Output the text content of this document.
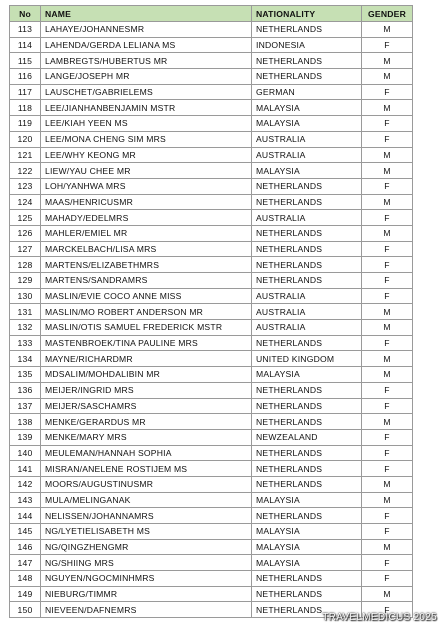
No	NAME	NATIONALITY	GENDER
113	LAHAYE/JOHANNESMR	NETHERLANDS	M
114	LAHENDA/GERDA LELIANA MS	INDONESIA	F
115	LAMBREGTS/HUBERTUS MR	NETHERLANDS	M
116	LANGE/JOSEPH MR	NETHERLANDS	M
117	LAUSCHET/GABRIELEMS	GERMAN	F
118	LEE/JIANHANBENJAMIN MSTR	MALAYSIA	M
119	LEE/KIAH YEEN MS	MALAYSIA	F
120	LEE/MONA CHENG SIM MRS	AUSTRALIA	F
121	LEE/WHY KEONG MR	AUSTRALIA	M
122	LIEW/YAU CHEE MR	MALAYSIA	M
123	LOH/YANHWA MRS	NETHERLANDS	F
124	MAAS/HENRICUSMR	NETHERLANDS	M
125	MAHADY/EDELMRS	AUSTRALIA	F
126	MAHLER/EMIEL MR	NETHERLANDS	M
127	MARCKELBACH/LISA MRS	NETHERLANDS	F
128	MARTENS/ELIZABETHMRS	NETHERLANDS	F
129	MARTENS/SANDRAMRS	NETHERLANDS	F
130	MASLIN/EVIE COCO ANNE MISS	AUSTRALIA	F
131	MASLIN/MO ROBERT ANDERSON MR	AUSTRALIA	M
132	MASLIN/OTIS SAMUEL FREDERICK MSTR	AUSTRALIA	M
133	MASTENBROEK/TINA PAULINE MRS	NETHERLANDS	F
134	MAYNE/RICHARDMR	UNITED KINGDOM	M
135	MDSALIM/MOHDALIBIN MR	MALAYSIA	M
136	MEIJER/INGRID MRS	NETHERLANDS	F
137	MEIJER/SASCHAMRS	NETHERLANDS	F
138	MENKE/GERARDUS MR	NETHERLANDS	M
139	MENKE/MARY MRS	NEWZEALAND	F
140	MEULEMAN/HANNAH SOPHIA	NETHERLANDS	F
141	MISRAN/ANELENE ROSTIJEM MS	NETHERLANDS	F
142	MOORS/AUGUSTINUSMR	NETHERLANDS	M
143	MULA/MELINGANAK	MALAYSIA	M
144	NELISSEN/JOHANNAMRS	NETHERLANDS	F
145	NG/LYETIELISABETH MS	MALAYSIA	F
146	NG/QINGZHENGMR	MALAYSIA	M
147	NG/SHIING MRS	MALAYSIA	F
148	NGUYEN/NGOCMINHMRS	NETHERLANDS	F
149	NIEBURG/TIMMR	NETHERLANDS	M
150	NIEVEEN/DAFNEMRS	NETHERLANDS	F
TRAVELMEDICUS 2025
